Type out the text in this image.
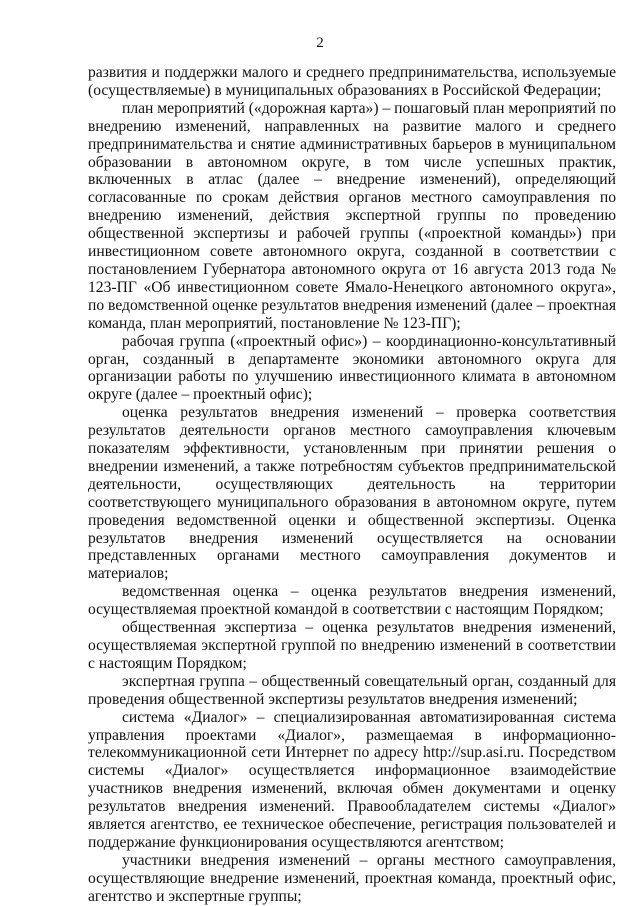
2

развития и поддержки малого и среднего предпринимательства, используемые (осуществляемые) в муниципальных образованиях в Российской Федерации;

план мероприятий («дорожная карта») – пошаговый план мероприятий по внедрению изменений, направленных на развитие малого и среднего предпринимательства и снятие административных барьеров в муниципальном образовании в автономном округе, в том числе успешных практик, включенных в атлас (далее – внедрение изменений), определяющий согласованные по срокам действия органов местного самоуправления по внедрению изменений, действия экспертной группы по проведению общественной экспертизы и рабочей группы («проектной команды») при инвестиционном совете автономного округа, созданной в соответствии с постановлением Губернатора автономного округа от 16 августа 2013 года № 123-ПГ «Об инвестиционном совете Ямало-Ненецкого автономного округа», по ведомственной оценке результатов внедрения изменений (далее – проектная команда, план мероприятий, постановление № 123-ПГ);

рабочая группа («проектный офис») – координационно-консультативный орган, созданный в департаменте экономики автономного округа для организации работы по улучшению инвестиционного климата в автономном округе (далее – проектный офис);

оценка результатов внедрения изменений – проверка соответствия результатов деятельности органов местного самоуправления ключевым показателям эффективности, установленным при принятии решения о внедрении изменений, а также потребностям субъектов предпринимательской деятельности, осуществляющих деятельность на территории соответствующего муниципального образования в автономном округе, путем проведения ведомственной оценки и общественной экспертизы. Оценка результатов внедрения изменений осуществляется на основании представленных органами местного самоуправления документов и материалов;

ведомственная оценка – оценка результатов внедрения изменений, осуществляемая проектной командой в соответствии с настоящим Порядком;

общественная экспертиза – оценка результатов внедрения изменений, осуществляемая экспертной группой по внедрению изменений в соответствии с настоящим Порядком;

экспертная группа – общественный совещательный орган, созданный для проведения общественной экспертизы результатов внедрения изменений;

система «Диалог» – специализированная автоматизированная система управления проектами «Диалог», размещаемая в информационно-телекоммуникационной сети Интернет по адресу http://sup.asi.ru. Посредством системы «Диалог» осуществляется информационное взаимодействие участников внедрения изменений, включая обмен документами и оценку результатов внедрения изменений. Правообладателем системы «Диалог» является агентство, ее техническое обеспечение, регистрация пользователей и поддержание функционирования осуществляются агентством;

участники внедрения изменений – органы местного самоуправления, осуществляющие внедрение изменений, проектная команда, проектный офис, агентство и экспертные группы;
